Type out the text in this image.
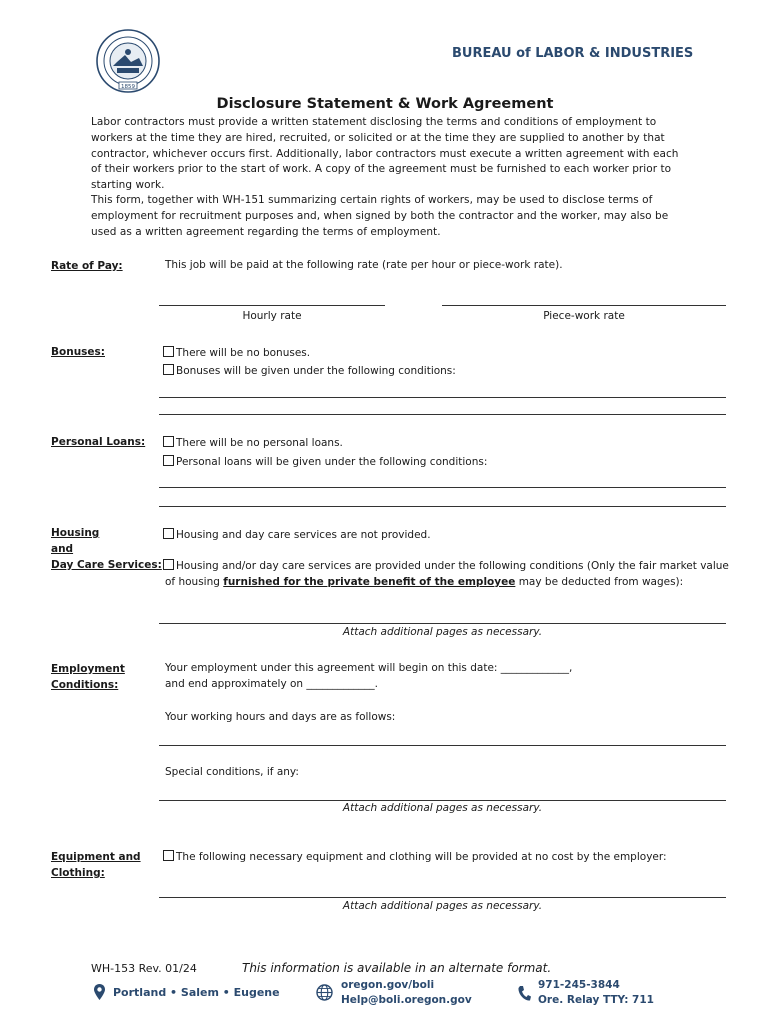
1859
BUREAU of LABOR & INDUSTRIES
Disclosure Statement & Work Agreement
Labor contractors must provide a written statement disclosing the terms and conditions of employment to workers at the time they are hired, recruited, or solicited or at the time they are supplied to another by that contractor, whichever occurs first. Additionally, labor contractors must execute a written agreement with each of their workers prior to the start of work. A copy of the agreement must be furnished to each worker prior to starting work.
This form, together with WH-151 summarizing certain rights of workers, may be used to disclose terms of employment for recruitment purposes and, when signed by both the contractor and the worker, may also be used as a written agreement regarding the terms of employment.
Rate of Pay:	This job will be paid at the following rate (rate per hour or piece-work rate).
Hourly rate	Piece-work rate
Bonuses:	There will be no bonuses.
Bonuses will be given under the following conditions:
Personal Loans:	There will be no personal loans.
Personal loans will be given under the following conditions:
Housing
and
Day Care Services:
Housing and day care services are not provided.
Housing and/or day care services are provided under the following conditions (Only the fair market value
of housing furnished for the private benefit of the employee may be deducted from wages):
Attach additional pages as necessary.
Employment
Conditions:
Your employment under this agreement will begin on this date: _____________,
and end approximately on _____________.
Your working hours and days are as follows:
Special conditions, if any:
Attach additional pages as necessary.
Equipment and
Clothing:
The following necessary equipment and clothing will be provided at no cost by the employer:
Attach additional pages as necessary.
WH-153 Rev. 01/24	This information is available in an alternate format.
Portland • Salem • Eugene
oregon.gov/boli
Help@boli.oregon.gov
971-245-3844
Ore. Relay TTY: 711
